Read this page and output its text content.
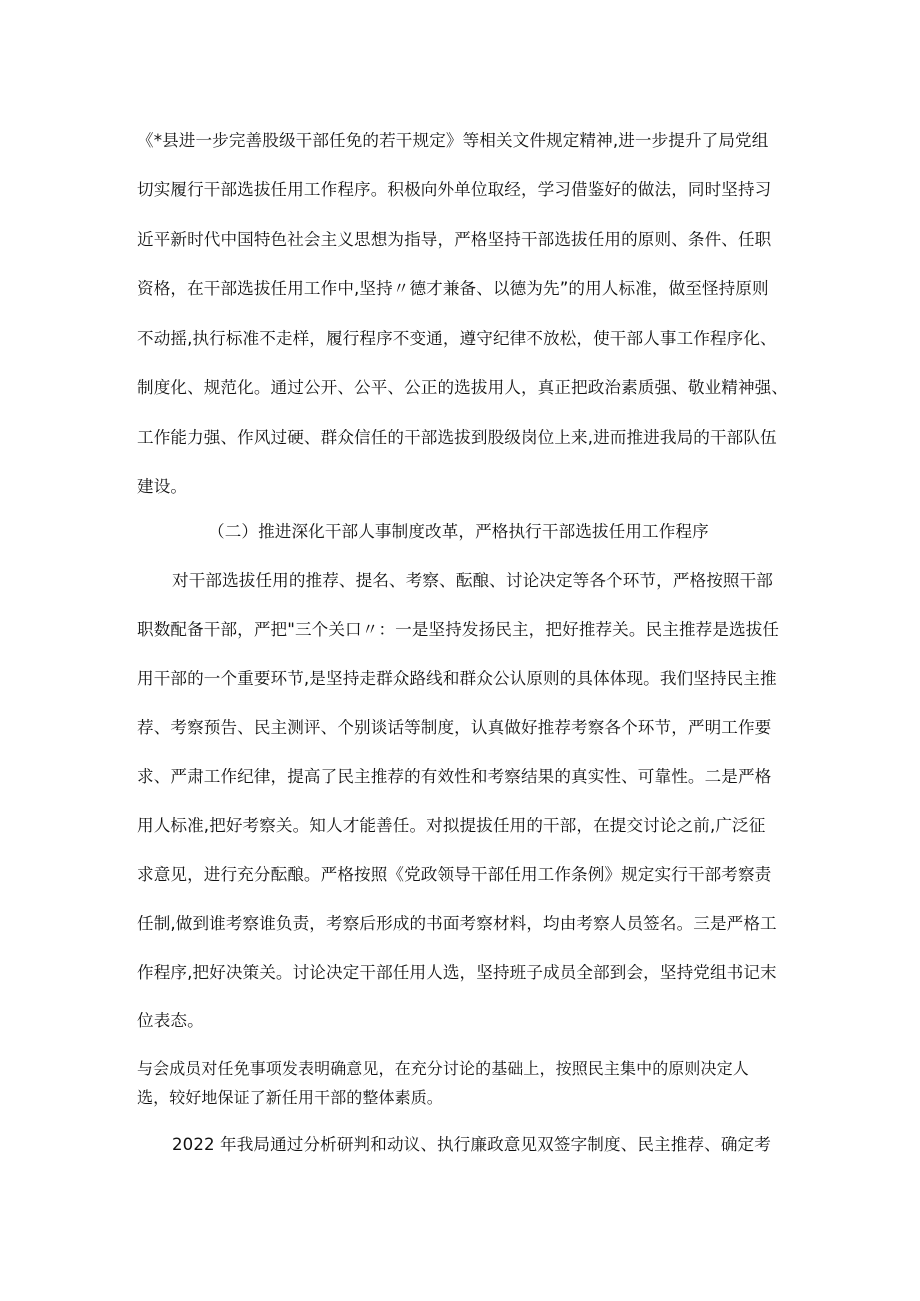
《*县进一步完善股级干部任免的若干规定》等相关文件规定精神,进一步提升了局党组
切实履行干部选拔任用工作程序。积极向外单位取经，学习借鉴好的做法，同时坚持习
近平新时代中国特色社会主义思想为指导，严格坚持干部选拔任用的原则、条件、任职
资格，在干部选拔任用工作中,坚持〃德才兼备、以德为先”的用人标准，做至怪持原则
不动摇,执行标准不走样，履行程序不变通，遵守纪律不放松，使干部人事工作程序化、
制度化、规范化。通过公开、公平、公正的选拔用人，真正把政治素质强、敬业精神强、
工作能力强、作风过硬、群众信任的干部选拔到股级岗位上来,进而推进我局的干部队伍
建设。
（二）推进深化干部人事制度改革，严格执行干部选拔任用工作程序
对干部选拔任用的推荐、提名、考察、酝酿、讨论决定等各个环节，严格按照干部
职数配备干部，严把"三个关口〃：一是坚持发扬民主，把好推荐关。民主推荐是选拔任
用干部的一个重要环节,是坚持走群众路线和群众公认原则的具体体现。我们坚持民主推
荐、考察预告、民主测评、个别谈话等制度，认真做好推荐考察各个环节，严明工作要
求、严肃工作纪律，提高了民主推荐的有效性和考察结果的真实性、可靠性。二是严格
用人标准,把好考察关。知人才能善任。对拟提拔任用的干部，在提交讨论之前,广泛征
求意见，进行充分酝酿。严格按照《党政领导干部任用工作条例》规定实行干部考察责
任制,做到谁考察谁负责，考察后形成的书面考察材料，均由考察人员签名。三是严格工
作程序,把好决策关。讨论决定干部任用人选，坚持班子成员全部到会，坚持党组书记末
位表态。
与会成员对任免事项发表明确意见，在充分讨论的基础上，按照民主集中的原则决定人
选，较好地保证了新任用干部的整体素质。
2022 年我局通过分析研判和动议、执行廉政意见双签字制度、民主推荐、确定考
